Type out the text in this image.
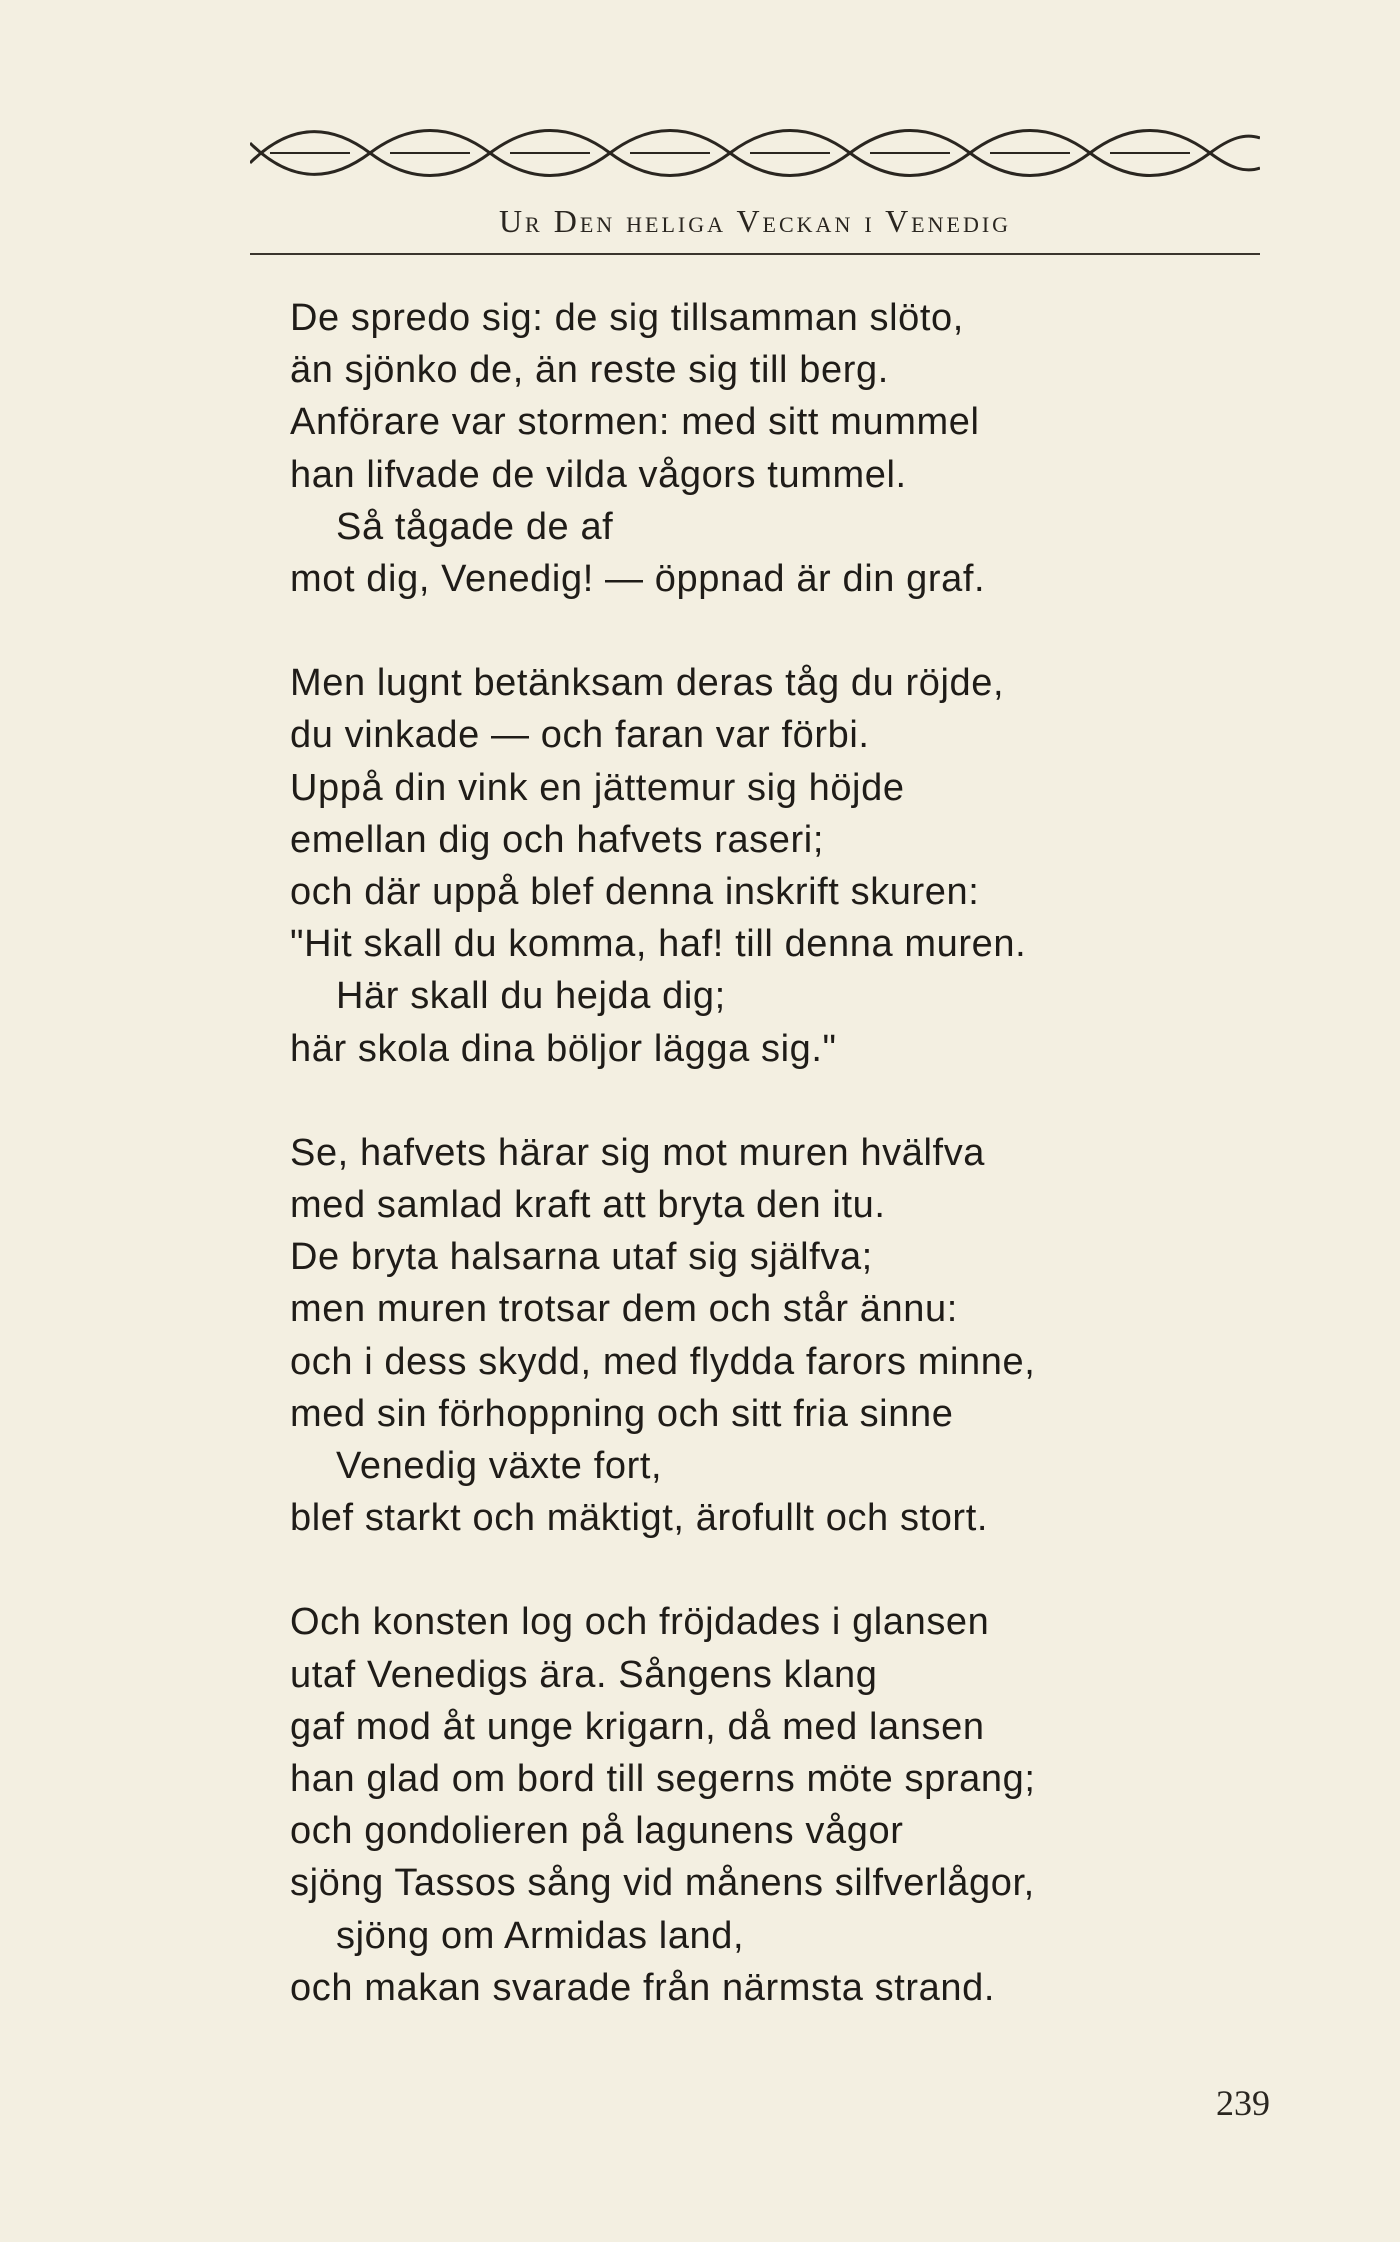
Ur Den heliga Veckan i Venedig
De spredo sig: de sig tillsamman slöto,
än sjönko de, än reste sig till berg.
Anförare var stormen: med sitt mummel
han lifvade de vilda vågors tummel.
Så tågade de af
mot dig, Venedig! — öppnad är din graf.
Men lugnt betänksam deras tåg du röjde,
du vinkade — och faran var förbi.
Uppå din vink en jättemur sig höjde
emellan dig och hafvets raseri;
och där uppå blef denna inskrift skuren:
"Hit skall du komma, haf! till denna muren.
Här skall du hejda dig;
här skola dina böljor lägga sig."
Se, hafvets härar sig mot muren hvälfva
med samlad kraft att bryta den itu.
De bryta halsarna utaf sig själfva;
men muren trotsar dem och står ännu:
och i dess skydd, med flydda farors minne,
med sin förhoppning och sitt fria sinne
Venedig växte fort,
blef starkt och mäktigt, ärofullt och stort.
Och konsten log och fröjdades i glansen
utaf Venedigs ära. Sångens klang
gaf mod åt unge krigarn, då med lansen
han glad om bord till segerns möte sprang;
och gondolieren på lagunens vågor
sjöng Tassos sång vid månens silfverlågor,
sjöng om Armidas land,
och makan svarade från närmsta strand.
239
